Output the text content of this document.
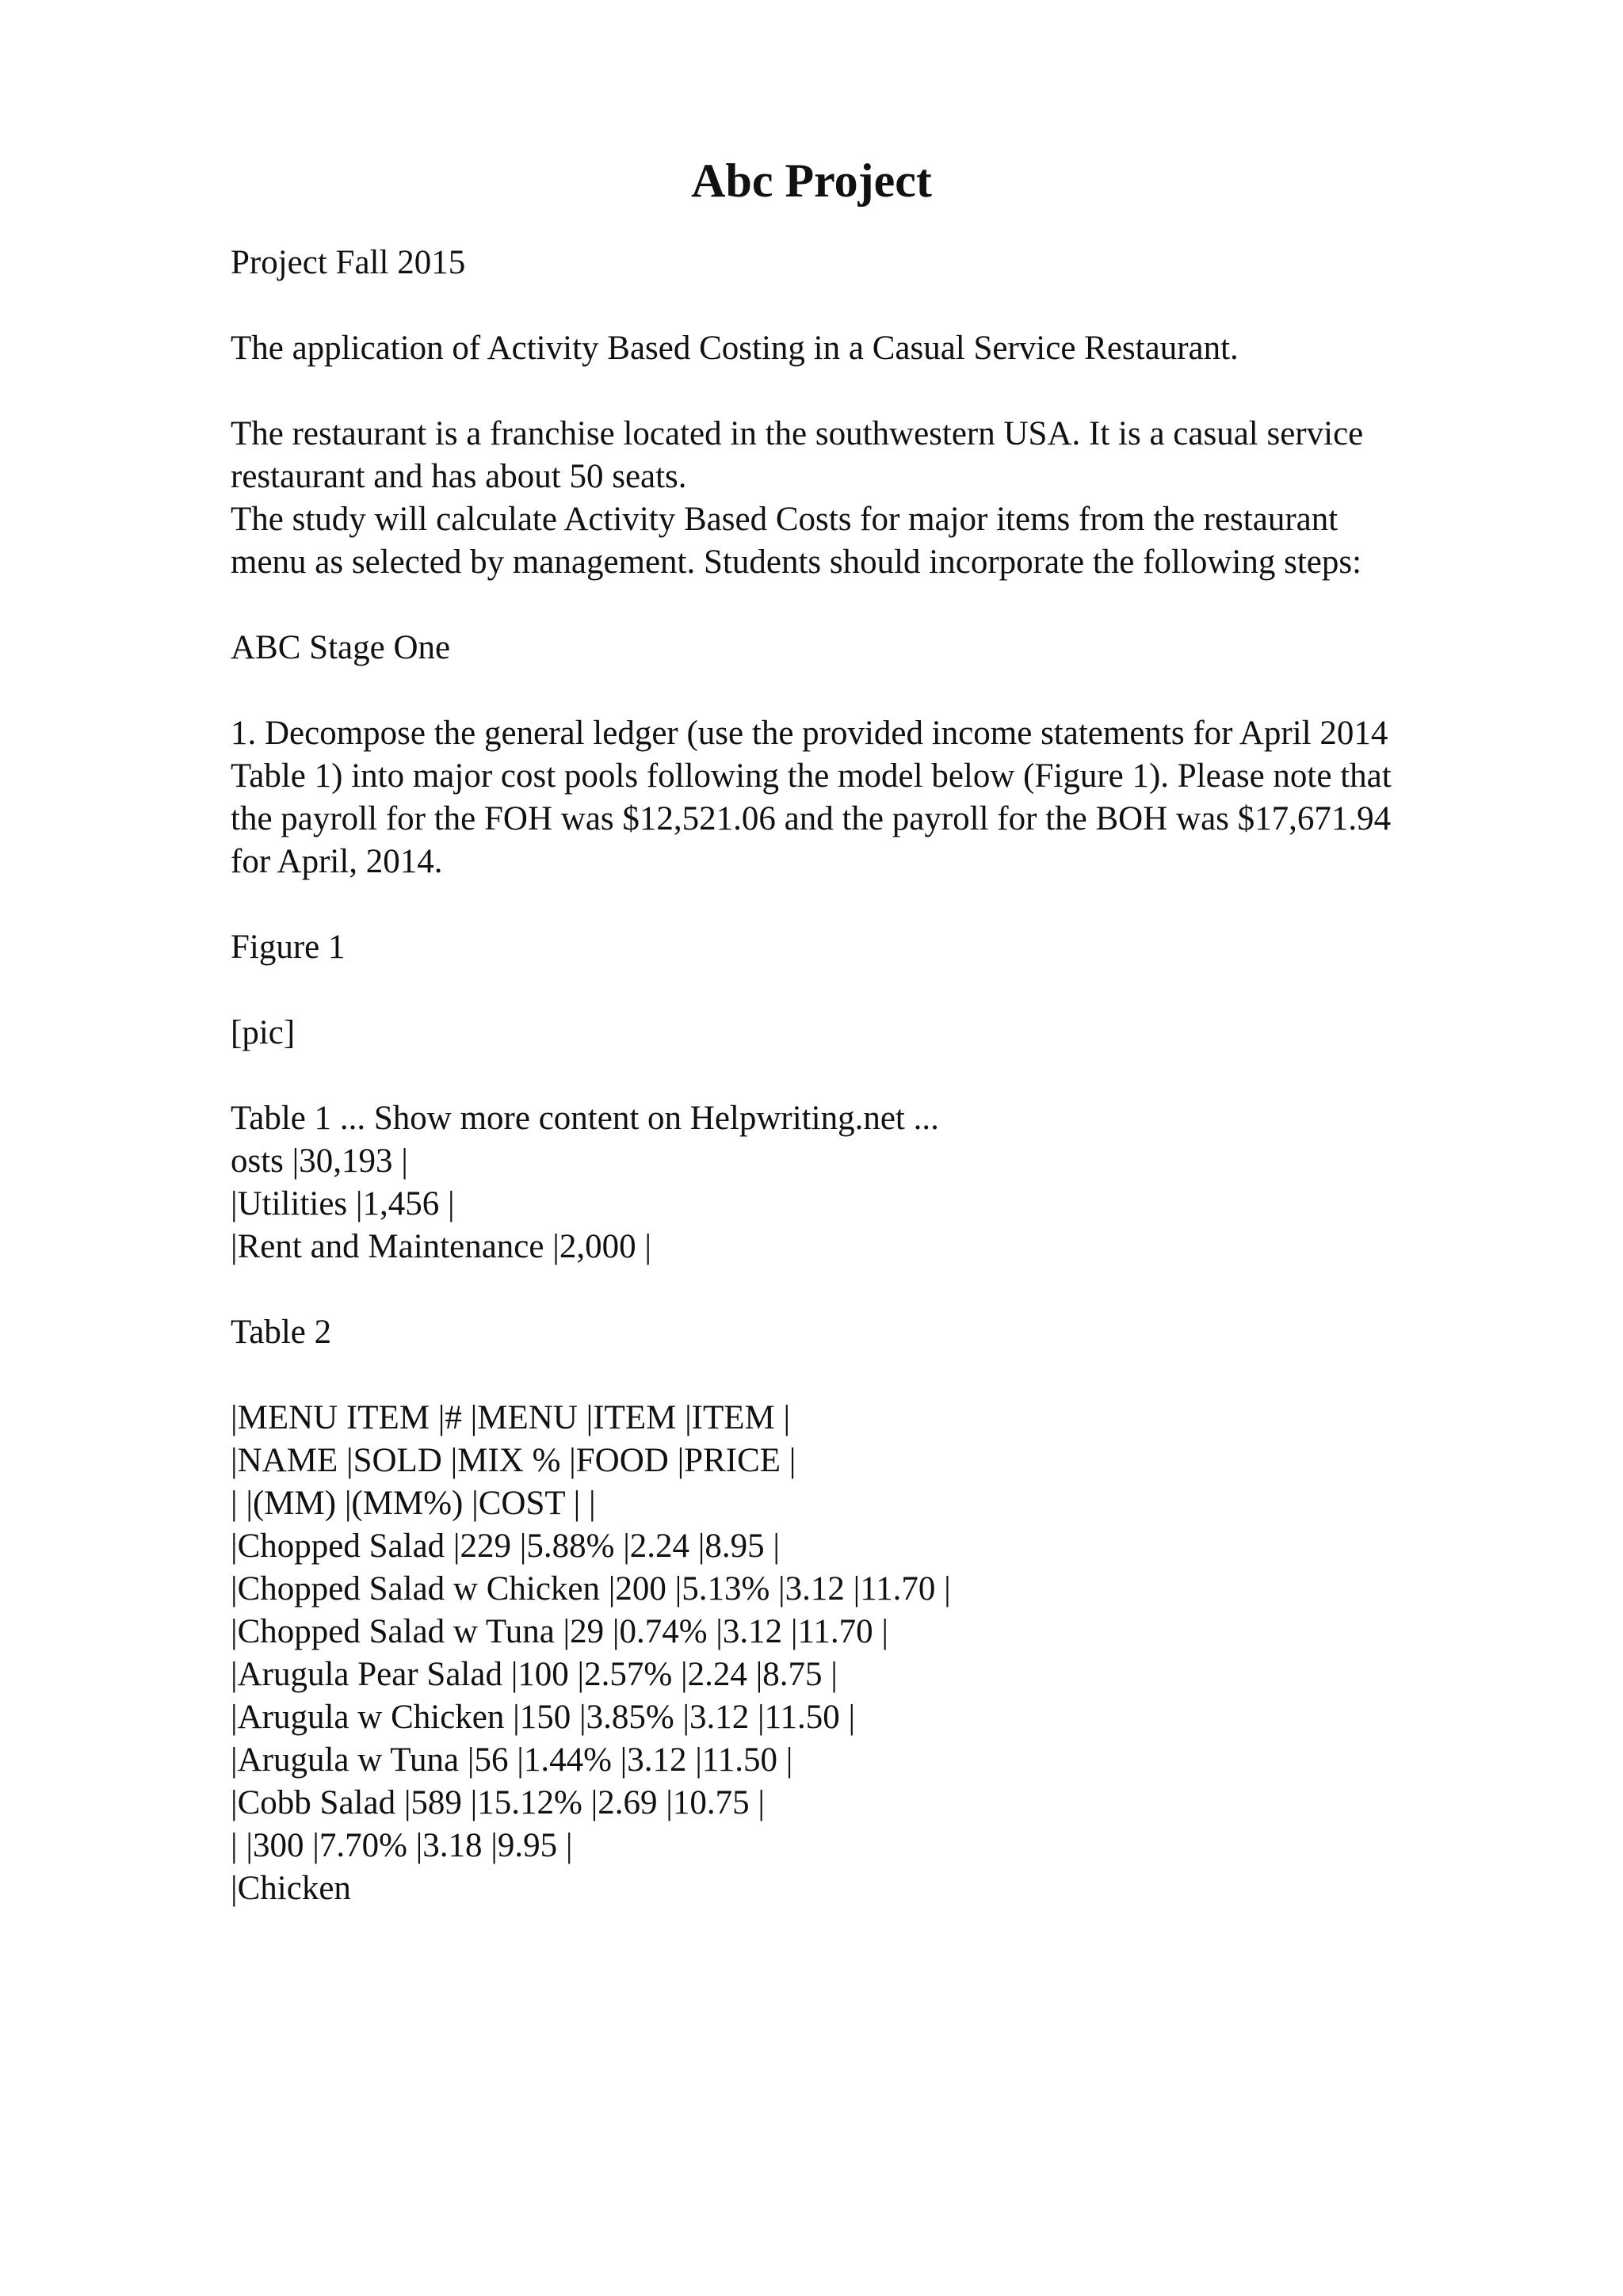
Abc Project

Project Fall 2015

The application of Activity Based Costing in a Casual Service Restaurant.

The restaurant is a franchise located in the southwestern USA. It is a casual service

restaurant and has about 50 seats.

The study will calculate Activity Based Costs for major items from the restaurant

menu as selected by management. Students should incorporate the following steps:

ABC Stage One

1. Decompose the general ledger (use the provided income statements for April 2014

Table 1) into major cost pools following the model below (Figure 1). Please note that

the payroll for the FOH was $12,521.06 and the payroll for the BOH was $17,671.94

for April, 2014.

Figure 1

[pic]

Table 1 ... Show more content on Helpwriting.net ...

osts |30,193 |

|Utilities |1,456 |

|Rent and Maintenance |2,000 |

Table 2

|MENU ITEM |# |MENU |ITEM |ITEM |

|NAME |SOLD |MIX % |FOOD |PRICE |

| |(MM) |(MM%) |COST | |

|Chopped Salad |229 |5.88% |2.24 |8.95 |

|Chopped Salad w Chicken |200 |5.13% |3.12 |11.70 |

|Chopped Salad w Tuna |29 |0.74% |3.12 |11.70 |

|Arugula Pear Salad |100 |2.57% |2.24 |8.75 |

|Arugula w Chicken |150 |3.85% |3.12 |11.50 |

|Arugula w Tuna |56 |1.44% |3.12 |11.50 |

|Cobb Salad |589 |15.12% |2.69 |10.75 |

| |300 |7.70% |3.18 |9.95 |

|Chicken
